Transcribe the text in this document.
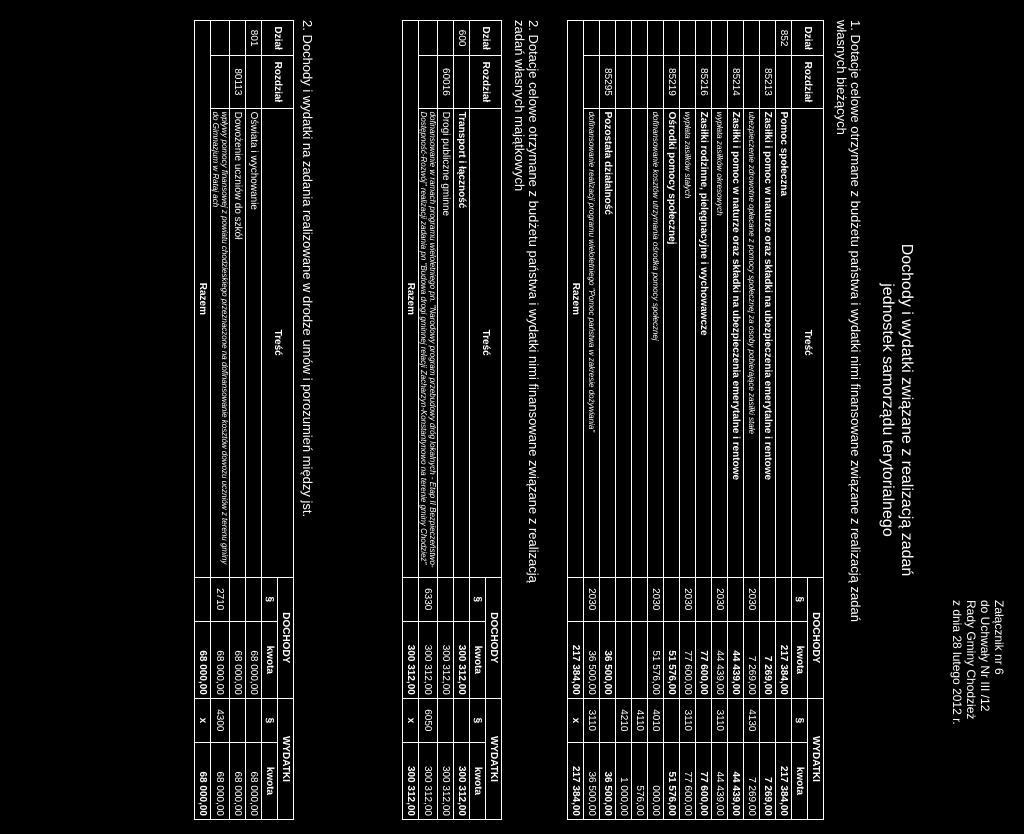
Załącznik nr 6
do Uchwały Nr III /12
Rady Gminy Chodzież
z dnia 28 lutego 2012 r.
Dochody i wydatki związane z realizacją zadań
jednostek samorządu terytorialnego
1. Dotacje celowe otrzymane z budżetu państwa i wydatki nimi finansowane związane z realizacją zadań
własnych bieżących
Dział	Rozdział	Treść	DOCHODY		WYDATKI	
			§	kwota	§	kwota
852		Pomoc społeczna		217 384,00		217 384,00
	85213	Zasiłki i pomoc w naturze oraz składki na ubezpieczenia emerytalne i rentowe		7 269,00		7 269,00
		ubezpieczenie zdrowotne opłacane z pomocy społecznej za osoby pobierające zasiłki stałe	2030	7 269,00	4130	7 269,00
	85214	Zasiłki i pomoc w naturze oraz składki na ubezpieczenia emerytalne i rentowe		44 439,00		44 439,00
		wypłata zasiłków okresowych	2030	44 439,00	3110	44 439,00
	85216	Zasiłki rodzinne, pielęgnacyjne i wychowawcze		77 600,00		77 600,00
		wypłata zasiłków stałych	2030	77 600,00	3110	77 600,00
	85219	Ośrodki pomocy społecznej		51 576,00		51 576,00
		dofinansowanie kosztów utrzymania ośrodka pomocy społecznej	2030	51 576,00	4010	000,00
					4110	576,00
					4210	1 000,00
	85295	Pozostała działalność		36 500,00		36 500,00
		dofinansowanie realizacji programu wieloletniego "Pomoc państwa w zakresie dożywiania"	2030	36 500,00	3110	36 500,00
Razem				217 384,00	x	217 384,00
2. Dotacje celowe otrzymane z budżetu państwa i wydatki nimi finansowane związane z realizacją
zadań własnych majątkowych
Dział	Rozdział	Treść	DOCHODY		WYDATKI	
			§	kwota	§	kwota
600		Transport i łączność		300 312,00		300 312,00
	60016	Drogi publiczne gminne		300 312,00		300 312,00
		dofinansowanie w ramach programu wieloletniego pn. "Narodowy program przebudowy dróg lokalnych - Etap II Bezpieczeństwo-Dostępność-Rozwój" realizacji zadania pn "Budowa drogi gminnej relacji Zacharzyn-Konstantynowo na terenie gminy Chodzież"	6330	300 312,00	6050	300 312,00
Razem				300 312,00	x	300 312,00
2. Dochody i wydatki na zadania realizowane w drodze umów i porozumień między jst.
Dział	Rozdział	Treść	DOCHODY		WYDATKI	
			§	kwota	§	kwota
801		Oświata i wychowanie		68 000,00		68 000,00
	80113	Dowożenie uczniów do szkół		68 000,00		68 000,00
		wpływy pomocy finansowej z powiatu chodzieskiego przeznaczone na dofinansowanie kosztów dowozu uczniów z terenu gminy do Gimnazjum w Rataj ach	2710	68 000,00	4300	68 000,00
Razem				68 000,00	x	68 000,00
